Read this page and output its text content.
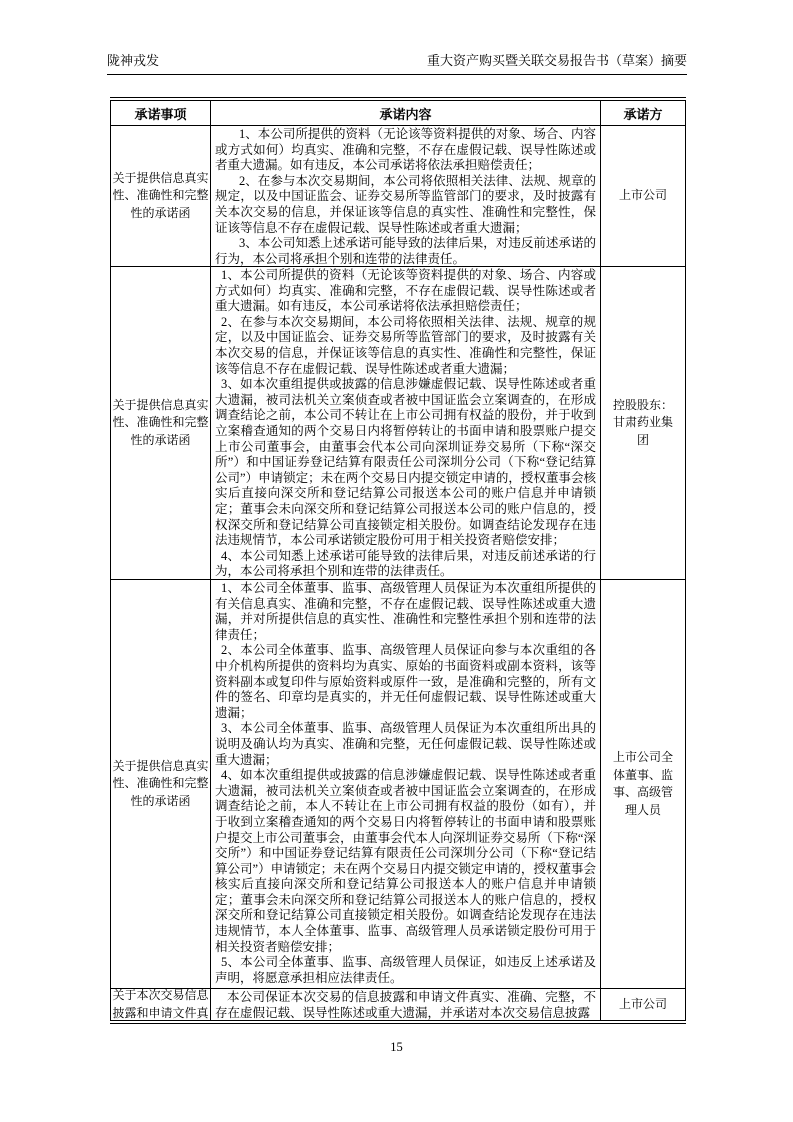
陇神戎发	重大资产购买暨关联交易报告书（草案）摘要
承诺事项	承诺内容	承诺方

关于提供信息真实性、准确性和完整性的承诺函	1、本公司所提供的资料（无论该等资料提供的对象、场合、内容或方式如何）均真实、准确和完整，不存在虚假记载、误导性陈述或者重大遗漏。如有违反，本公司承诺将依法承担赔偿责任；

2、在参与本次交易期间，本公司将依照相关法律、法规、规章的规定，以及中国证监会、证券交易所等监管部门的要求，及时披露有关本次交易的信息，并保证该等信息的真实性、准确性和完整性，保证该等信息不存在虚假记载、误导性陈述或者重大遗漏；

3、本公司知悉上述承诺可能导致的法律后果，对违反前述承诺的行为，本公司将承担个别和连带的法律责任。	上市公司

关于提供信息真实性、准确性和完整性的承诺函	1、本公司所提供的资料（无论该等资料提供的对象、场合、内容或方式如何）均真实、准确和完整，不存在虚假记载、误导性陈述或者重大遗漏。如有违反，本公司承诺将依法承担赔偿责任；

2、在参与本次交易期间，本公司将依照相关法律、法规、规章的规定，以及中国证监会、证券交易所等监管部门的要求，及时披露有关本次交易的信息，并保证该等信息的真实性、准确性和完整性，保证该等信息不存在虚假记载、误导性陈述或者重大遗漏；

3、如本次重组提供或披露的信息涉嫌虚假记载、误导性陈述或者重大遗漏，被司法机关立案侦查或者被中国证监会立案调查的，在形成调查结论之前，本公司不转让在上市公司拥有权益的股份，并于收到立案稽查通知的两个交易日内将暂停转让的书面申请和股票账户提交上市公司董事会，由董事会代本公司向深圳证券交易所（下称“深交所”）和中国证券登记结算有限责任公司深圳分公司（下称“登记结算公司”）申请锁定；未在两个交易日内提交锁定申请的，授权董事会核实后直接向深交所和登记结算公司报送本公司的账户信息并申请锁定；董事会未向深交所和登记结算公司报送本公司的账户信息的，授权深交所和登记结算公司直接锁定相关股份。如调查结论发现存在违法违规情节，本公司承诺锁定股份可用于相关投资者赔偿安排；

4、本公司知悉上述承诺可能导致的法律后果，对违反前述承诺的行为，本公司将承担个别和连带的法律责任。	控股股东：甘肃药业集团

关于提供信息真实性、准确性和完整性的承诺函	1、本公司全体董事、监事、高级管理人员保证为本次重组所提供的有关信息真实、准确和完整，不存在虚假记载、误导性陈述或重大遗漏，并对所提供信息的真实性、准确性和完整性承担个别和连带的法律责任；

2、本公司全体董事、监事、高级管理人员保证向参与本次重组的各中介机构所提供的资料均为真实、原始的书面资料或副本资料，该等资料副本或复印件与原始资料或原件一致，是准确和完整的，所有文件的签名、印章均是真实的，并无任何虚假记载、误导性陈述或重大遗漏；

3、本公司全体董事、监事、高级管理人员保证为本次重组所出具的说明及确认均为真实、准确和完整，无任何虚假记载、误导性陈述或重大遗漏；

4、如本次重组提供或披露的信息涉嫌虚假记载、误导性陈述或者重大遗漏，被司法机关立案侦查或者被中国证监会立案调查的，在形成调查结论之前，本人不转让在上市公司拥有权益的股份（如有），并于收到立案稽查通知的两个交易日内将暂停转让的书面申请和股票账户提交上市公司董事会，由董事会代本人向深圳证券交易所（下称“深交所”）和中国证券登记结算有限责任公司深圳分公司（下称“登记结算公司”）申请锁定；未在两个交易日内提交锁定申请的，授权董事会核实后直接向深交所和登记结算公司报送本人的账户信息并申请锁定；董事会未向深交所和登记结算公司报送本人的账户信息的，授权深交所和登记结算公司直接锁定相关股份。如调查结论发现存在违法违规情节，本人全体董事、监事、高级管理人员承诺锁定股份可用于相关投资者赔偿安排；

5、本公司全体董事、监事、高级管理人员保证，如违反上述承诺及声明，将愿意承担相应法律责任。	上市公司全体董事、监事、高级管理人员

关于本次交易信息披露和申请文件真	本公司保证本次交易的信息披露和申请文件真实、准确、完整，不存在虚假记载、误导性陈述或重大遗漏，并承诺对本次交易信息披露	上市公司
15
